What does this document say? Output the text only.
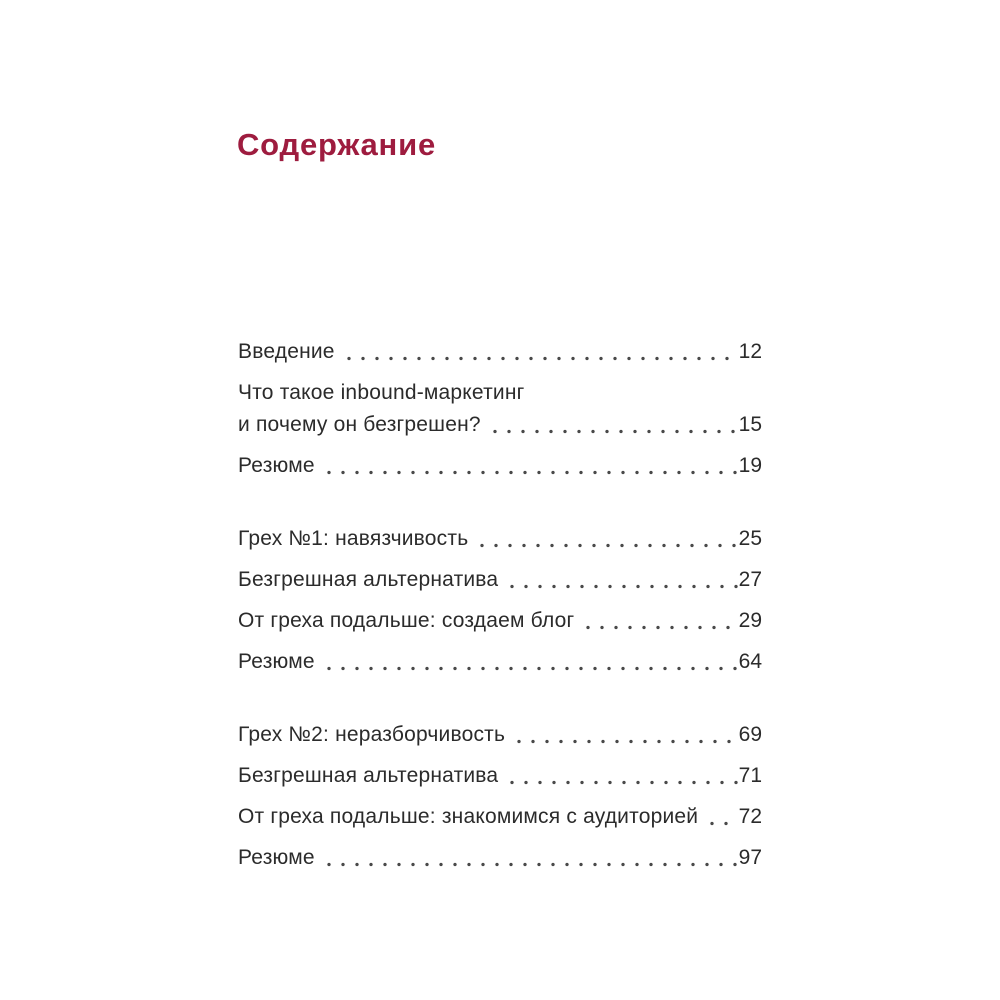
Содержание
Введение	12
Что такое inbound-маркетинг
и почему он безгрешен?	15
Резюме	19
Грех №1: навязчивость	25
Безгрешная альтернатива	27
От греха подальше: создаем блог	29
Резюме	64
Грех №2: неразборчивость	69
Безгрешная альтернатива	71
От греха подальше: знакомимся с аудиторией 72
Резюме	97
